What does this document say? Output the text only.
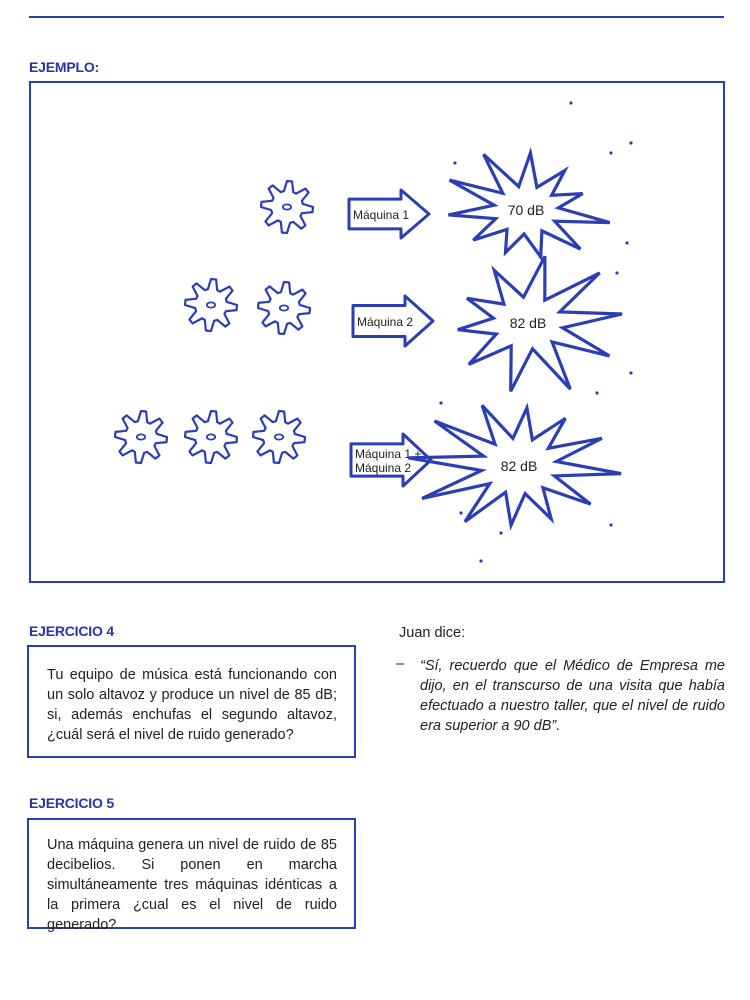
EJEMPLO:
Máquina 1	70 dB
Máquina 2	82 dB
Máquina 1 +
Máquina 2	82 dB
EJERCICIO 4
Tu equipo de música está funcionando con un solo altavoz y produce un nivel de 85 dB; si, además enchufas el segundo altavoz, ¿cuál será el nivel de ruido generado?
EJERCICIO 5
Una máquina genera un nivel de ruido de 85 decibelios. Si ponen en marcha simultáneamente tres máquinas idénticas a la primera ¿cual es el nivel de ruido generado?
Juan dice:
– “Sí, recuerdo que el Médico de Empresa me dijo, en el transcurso de una visita que había efectuado a nuestro taller, que el nivel de ruido era superior a 90 dB”.
